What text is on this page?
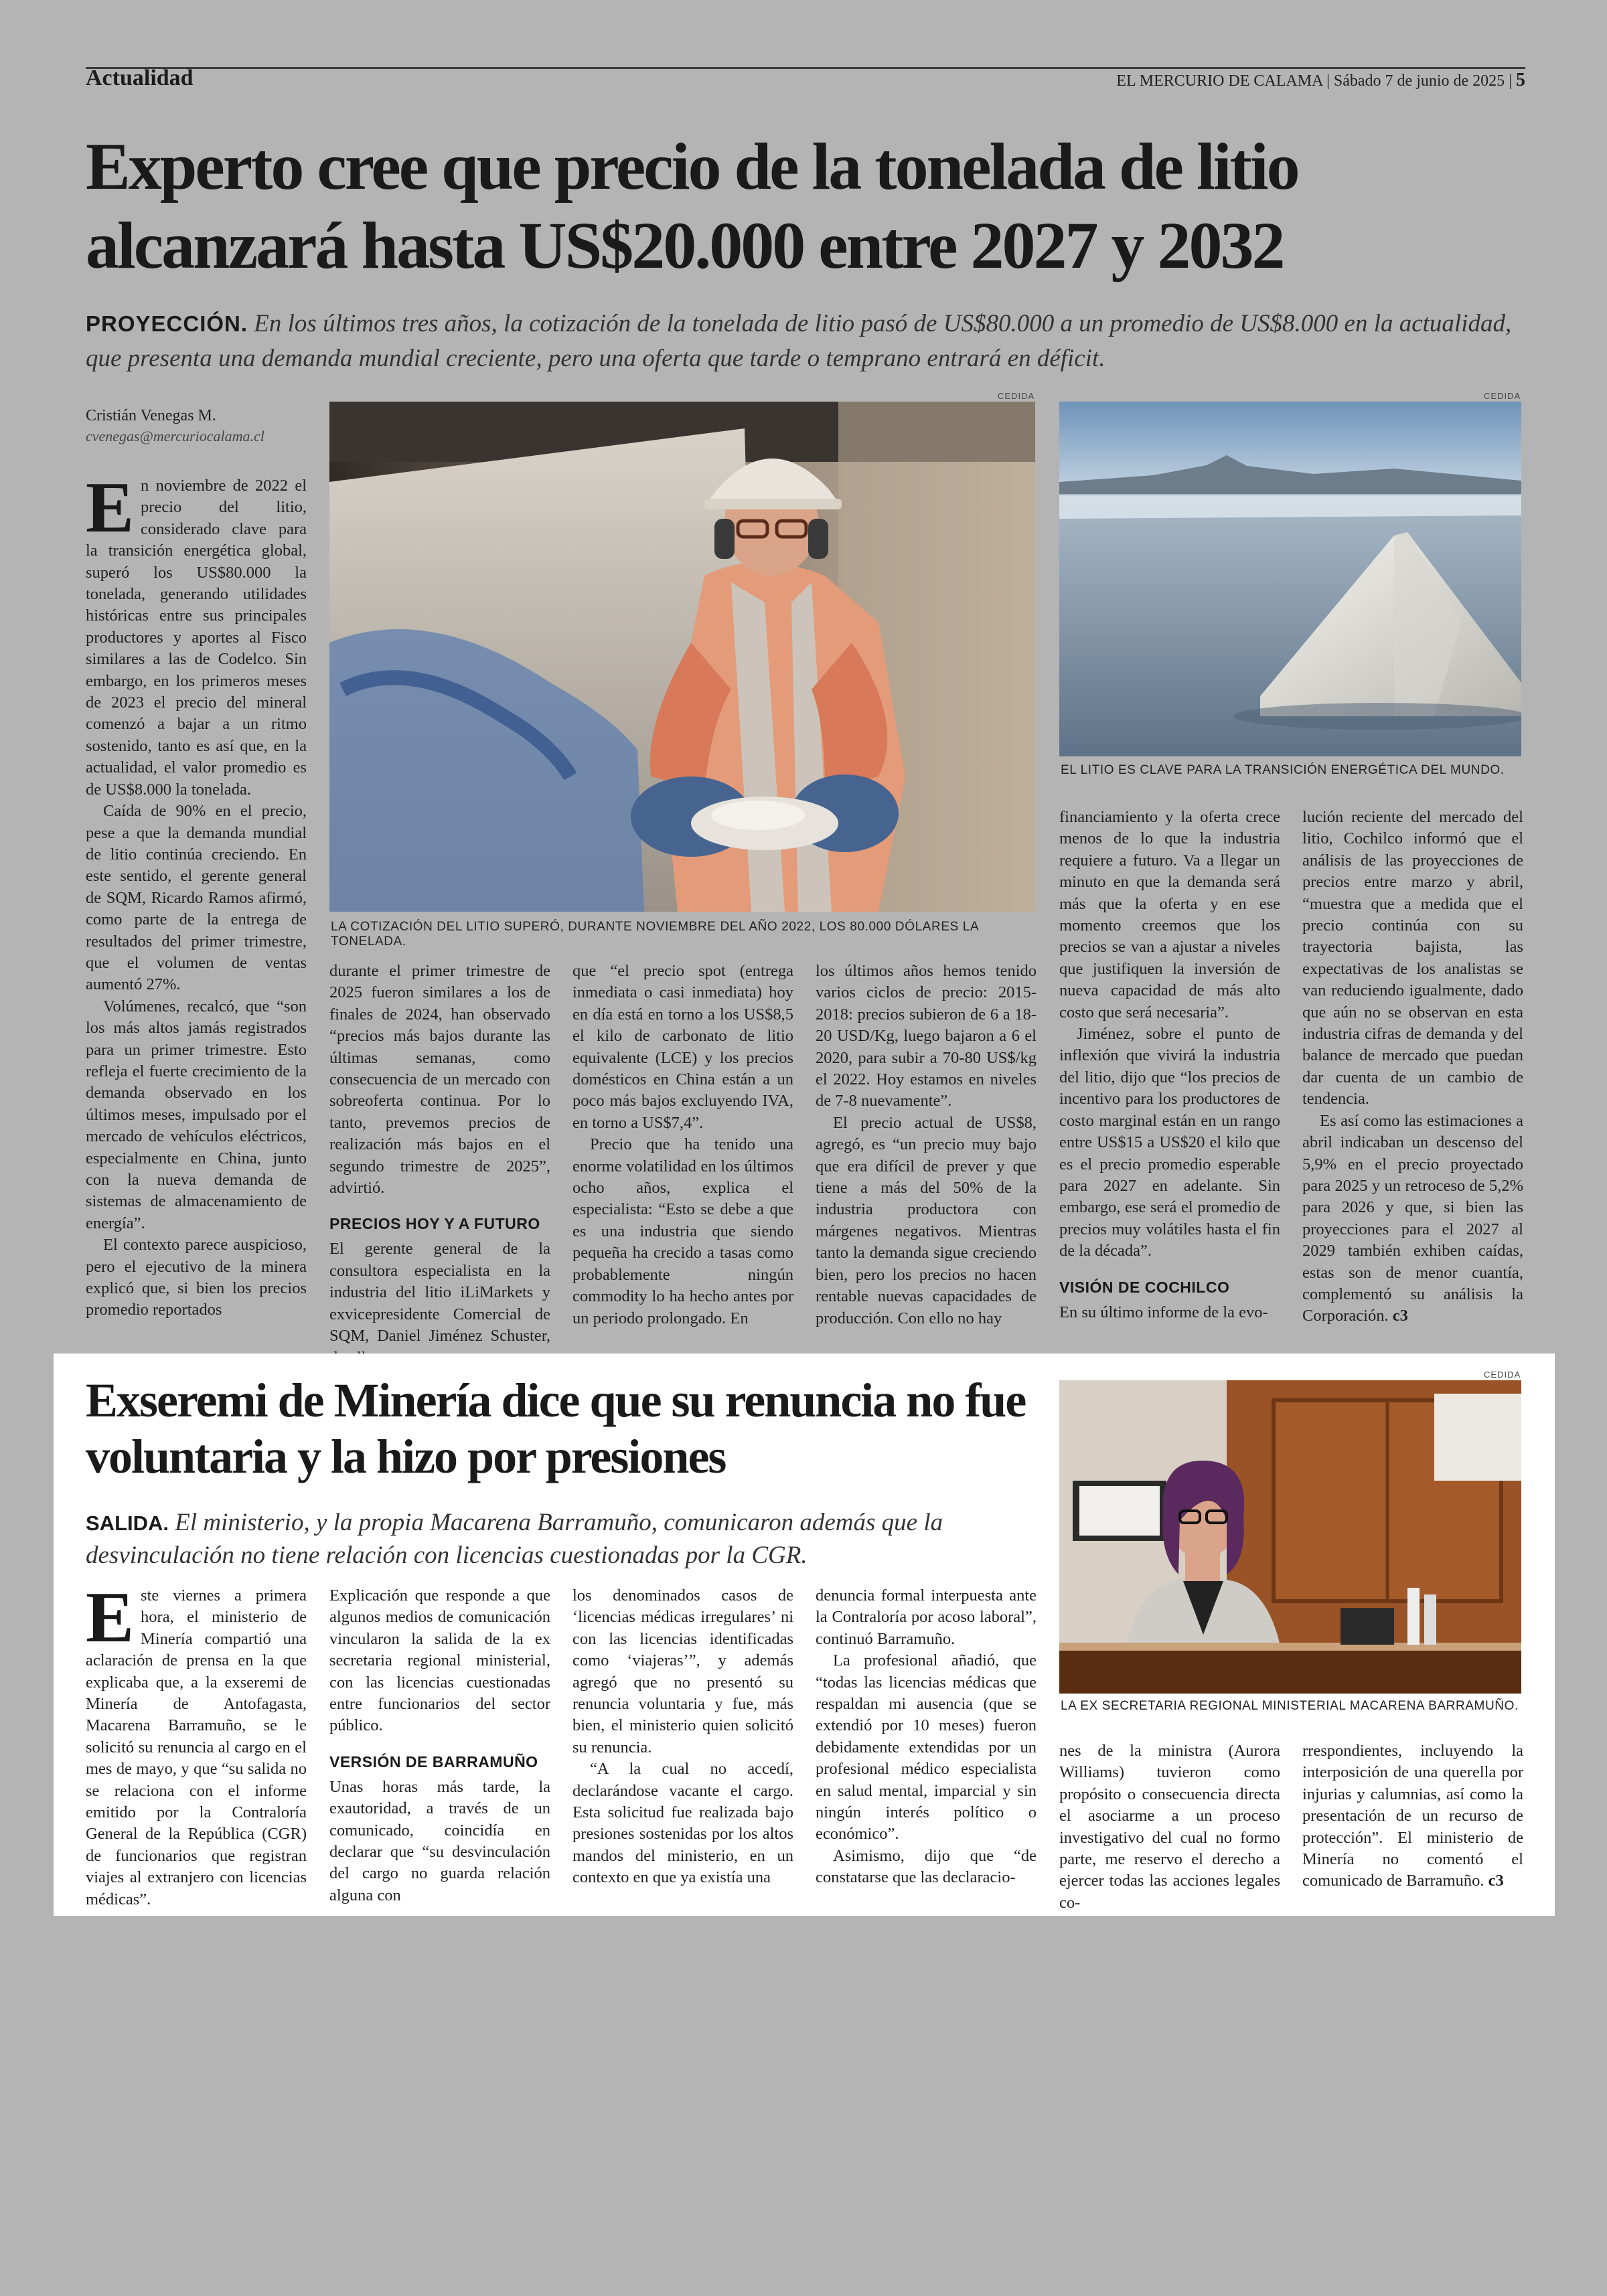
Actualidad	EL MERCURIO DE CALAMA | Sábado 7 de junio de 2025 | 5
Experto cree que precio de la tonelada de litio alcanzará hasta US$20.000 entre 2027 y 2032
PROYECCIÓN. En los últimos tres años, la cotización de la tonelada de litio pasó de US$80.000 a un promedio de US$8.000 en la actualidad, que presenta una demanda mundial creciente, pero una oferta que tarde o temprano entrará en déficit.
Cristián Venegas M.
cvenegas@mercuriocalama.cl
CEDIDA
LA COTIZACIÓN DEL LITIO SUPERÓ, DURANTE NOVIEMBRE DEL AÑO 2022, LOS 80.000 DÓLARES LA TONELADA.
CEDIDA
EL LITIO ES CLAVE PARA LA TRANSICIÓN ENERGÉTICA DEL MUNDO.

En noviembre de 2022 el precio del litio, considerado clave para la transición energética global, superó los US$80.000 la tonelada, generando utilidades históricas entre sus principales productores y aportes al Fisco similares a las de Codelco. Sin embargo, en los primeros meses de 2023 el precio del mineral comenzó a bajar a un ritmo sostenido, tanto es así que, en la actualidad, el valor promedio es de US$8.000 la tonelada.

Caída de 90% en el precio, pese a que la demanda mundial de litio continúa creciendo. En este sentido, el gerente general de SQM, Ricardo Ramos afirmó, como parte de la entrega de resultados del primer trimestre, que el volumen de ventas aumentó 27%.

Volúmenes, recalcó, que “son los más altos jamás registrados para un primer trimestre. Esto refleja el fuerte crecimiento de la demanda observado en los últimos meses, impulsado por el mercado de vehículos eléctricos, especialmente en China, junto con la nueva demanda de sistemas de almacenamiento de energía”.

El contexto parece auspicioso, pero el ejecutivo de la minera explicó que, si bien los precios promedio reportados

durante el primer trimestre de 2025 fueron similares a los de finales de 2024, han observado “precios más bajos durante las últimas semanas, como consecuencia de un mercado con sobreoferta continua. Por lo tanto, prevemos precios de realización más bajos en el segundo trimestre de 2025”, advirtió.

PRECIOS HOY Y A FUTURO

El gerente general de la consultora especialista en la industria del litio iLiMarkets y exvicepresidente Comercial de SQM, Daniel Jiménez Schuster,

que “el precio spot (entrega inmediata o casi inmediata) hoy en día está en torno a los US$8,5 el kilo de carbonato de litio equivalente (LCE) y los precios domésticos en China están a un poco más bajos excluyendo IVA, en torno a US$7,4”.

Precio que ha tenido una enorme volatilidad en los últimos ocho años, explica el especialista: “Esto se debe a que es una industria que siendo pequeña ha crecido a tasas como probablemente ningún commodity lo ha hecho antes por un periodo prolongado. En

los últimos años hemos tenido varios ciclos de precio: 2015-2018: precios subieron de 6 a 18-20 USD/Kg, luego bajaron a 6 el 2020, para subir a 70-80 US$/kg el 2022. Hoy estamos en niveles de 7-8 nuevamente”.

El precio actual de US$8, agregó, es “un precio muy bajo que era difícil de prever y que tiene a más del 50% de la industria productora con márgenes negativos. Mientras tanto la demanda sigue creciendo bien, pero los precios no hacen rentable nuevas capacidades de producción. Con ello no hay

financiamiento y la oferta crece menos de lo que la industria requiere a futuro. Va a llegar un minuto en que la demanda será más que la oferta y en ese momento creemos que los precios se van a ajustar a niveles que justifiquen la inversión de nueva capacidad de más alto costo que será necesaria”.

Jiménez, sobre el punto de inflexión que vivirá la industria del litio, dijo que “los precios de incentivo para los productores de costo marginal están en un rango entre US$15 a US$20 el kilo que es el precio promedio esperable para 2027 en adelante. Sin embargo, ese será el promedio de precios muy volátiles hasta el fin de la década”.

VISIÓN DE COCHILCO

En su último informe de la evo-

lución reciente del mercado del litio, Cochilco informó que el análisis de las proyecciones de precios entre marzo y abril, “muestra que a medida que el precio continúa con su trayectoria bajista, las expectativas de los analistas se van reduciendo igualmente, dado que aún no se observan en esta industria cifras de demanda y del balance de mercado que puedan dar cuenta de un cambio de tendencia.

Es así como las estimaciones a abril indicaban un descenso del 5,9% en el precio proyectado para 2025 y un retroceso de 5,2% para 2026 y que, si bien las proyecciones para el 2027 al 2029 también exhiben caídas, estas son de menor cuantía, complementó su análisis la Corporación. c3

Exseremi de Minería dice que su renuncia no fue voluntaria y la hizo por presiones
SALIDA. El ministerio, y la propia Macarena Barramuño, comunicaron además que la desvinculación no tiene relación con licencias cuestionadas por la CGR.
CEDIDA
LA EX SECRETARIA REGIONAL MINISTERIAL MACARENA BARRAMUÑO.

Este viernes a primera hora, el ministerio de Minería compartió una aclaración de prensa en la que explicaba que, a la exseremi de Minería de Antofagasta, Macarena Barramuño, se le solicitó su renuncia al cargo en el mes de mayo, y que “su salida no se relaciona con el informe emitido por la Contraloría General de la República (CGR) de funcionarios que registran viajes al extranjero con licencias médicas”.

Explicación que responde a que algunos medios de comunicación vincularon la salida de la ex secretaria regional ministerial, con las licencias cuestionadas entre funcionarios del sector público.

VERSIÓN DE BARRAMUÑO

Unas horas más tarde, la exautoridad, a través de un comunicado, coincidía en declarar que “su desvinculación del cargo no guarda relación alguna con

los denominados casos de ‘licencias médicas irregulares’ ni con las licencias identificadas como ‘viajeras’”, y además agregó que no presentó su renuncia voluntaria y fue, más bien, el ministerio quien solicitó su renuncia.

“A la cual no accedí, declarándose vacante el cargo. Esta solicitud fue realizada bajo presiones sostenidas por los altos mandos del ministerio, en un contexto en que ya existía una

denuncia formal interpuesta ante la Contraloría por acoso laboral”, continuó Barramuño.

La profesional añadió, que “todas las licencias médicas que respaldan mi ausencia (que se extendió por 10 meses) fueron debidamente extendidas por un profesional médico especialista en salud mental, imparcial y sin ningún interés político o económico”.

Asimismo, dijo que “de constatarse que las declaracio-

nes de la ministra (Aurora Williams) tuvieron como propósito o consecuencia directa el asociarme a un proceso investigativo del cual no formo parte, me reservo el derecho a ejercer todas las acciones legales co-

rrespondientes, incluyendo la interposición de una querella por injurias y calumnias, así como la presentación de un recurso de protección”. El ministerio de Minería no comentó el comunicado de Barramuño. c3
